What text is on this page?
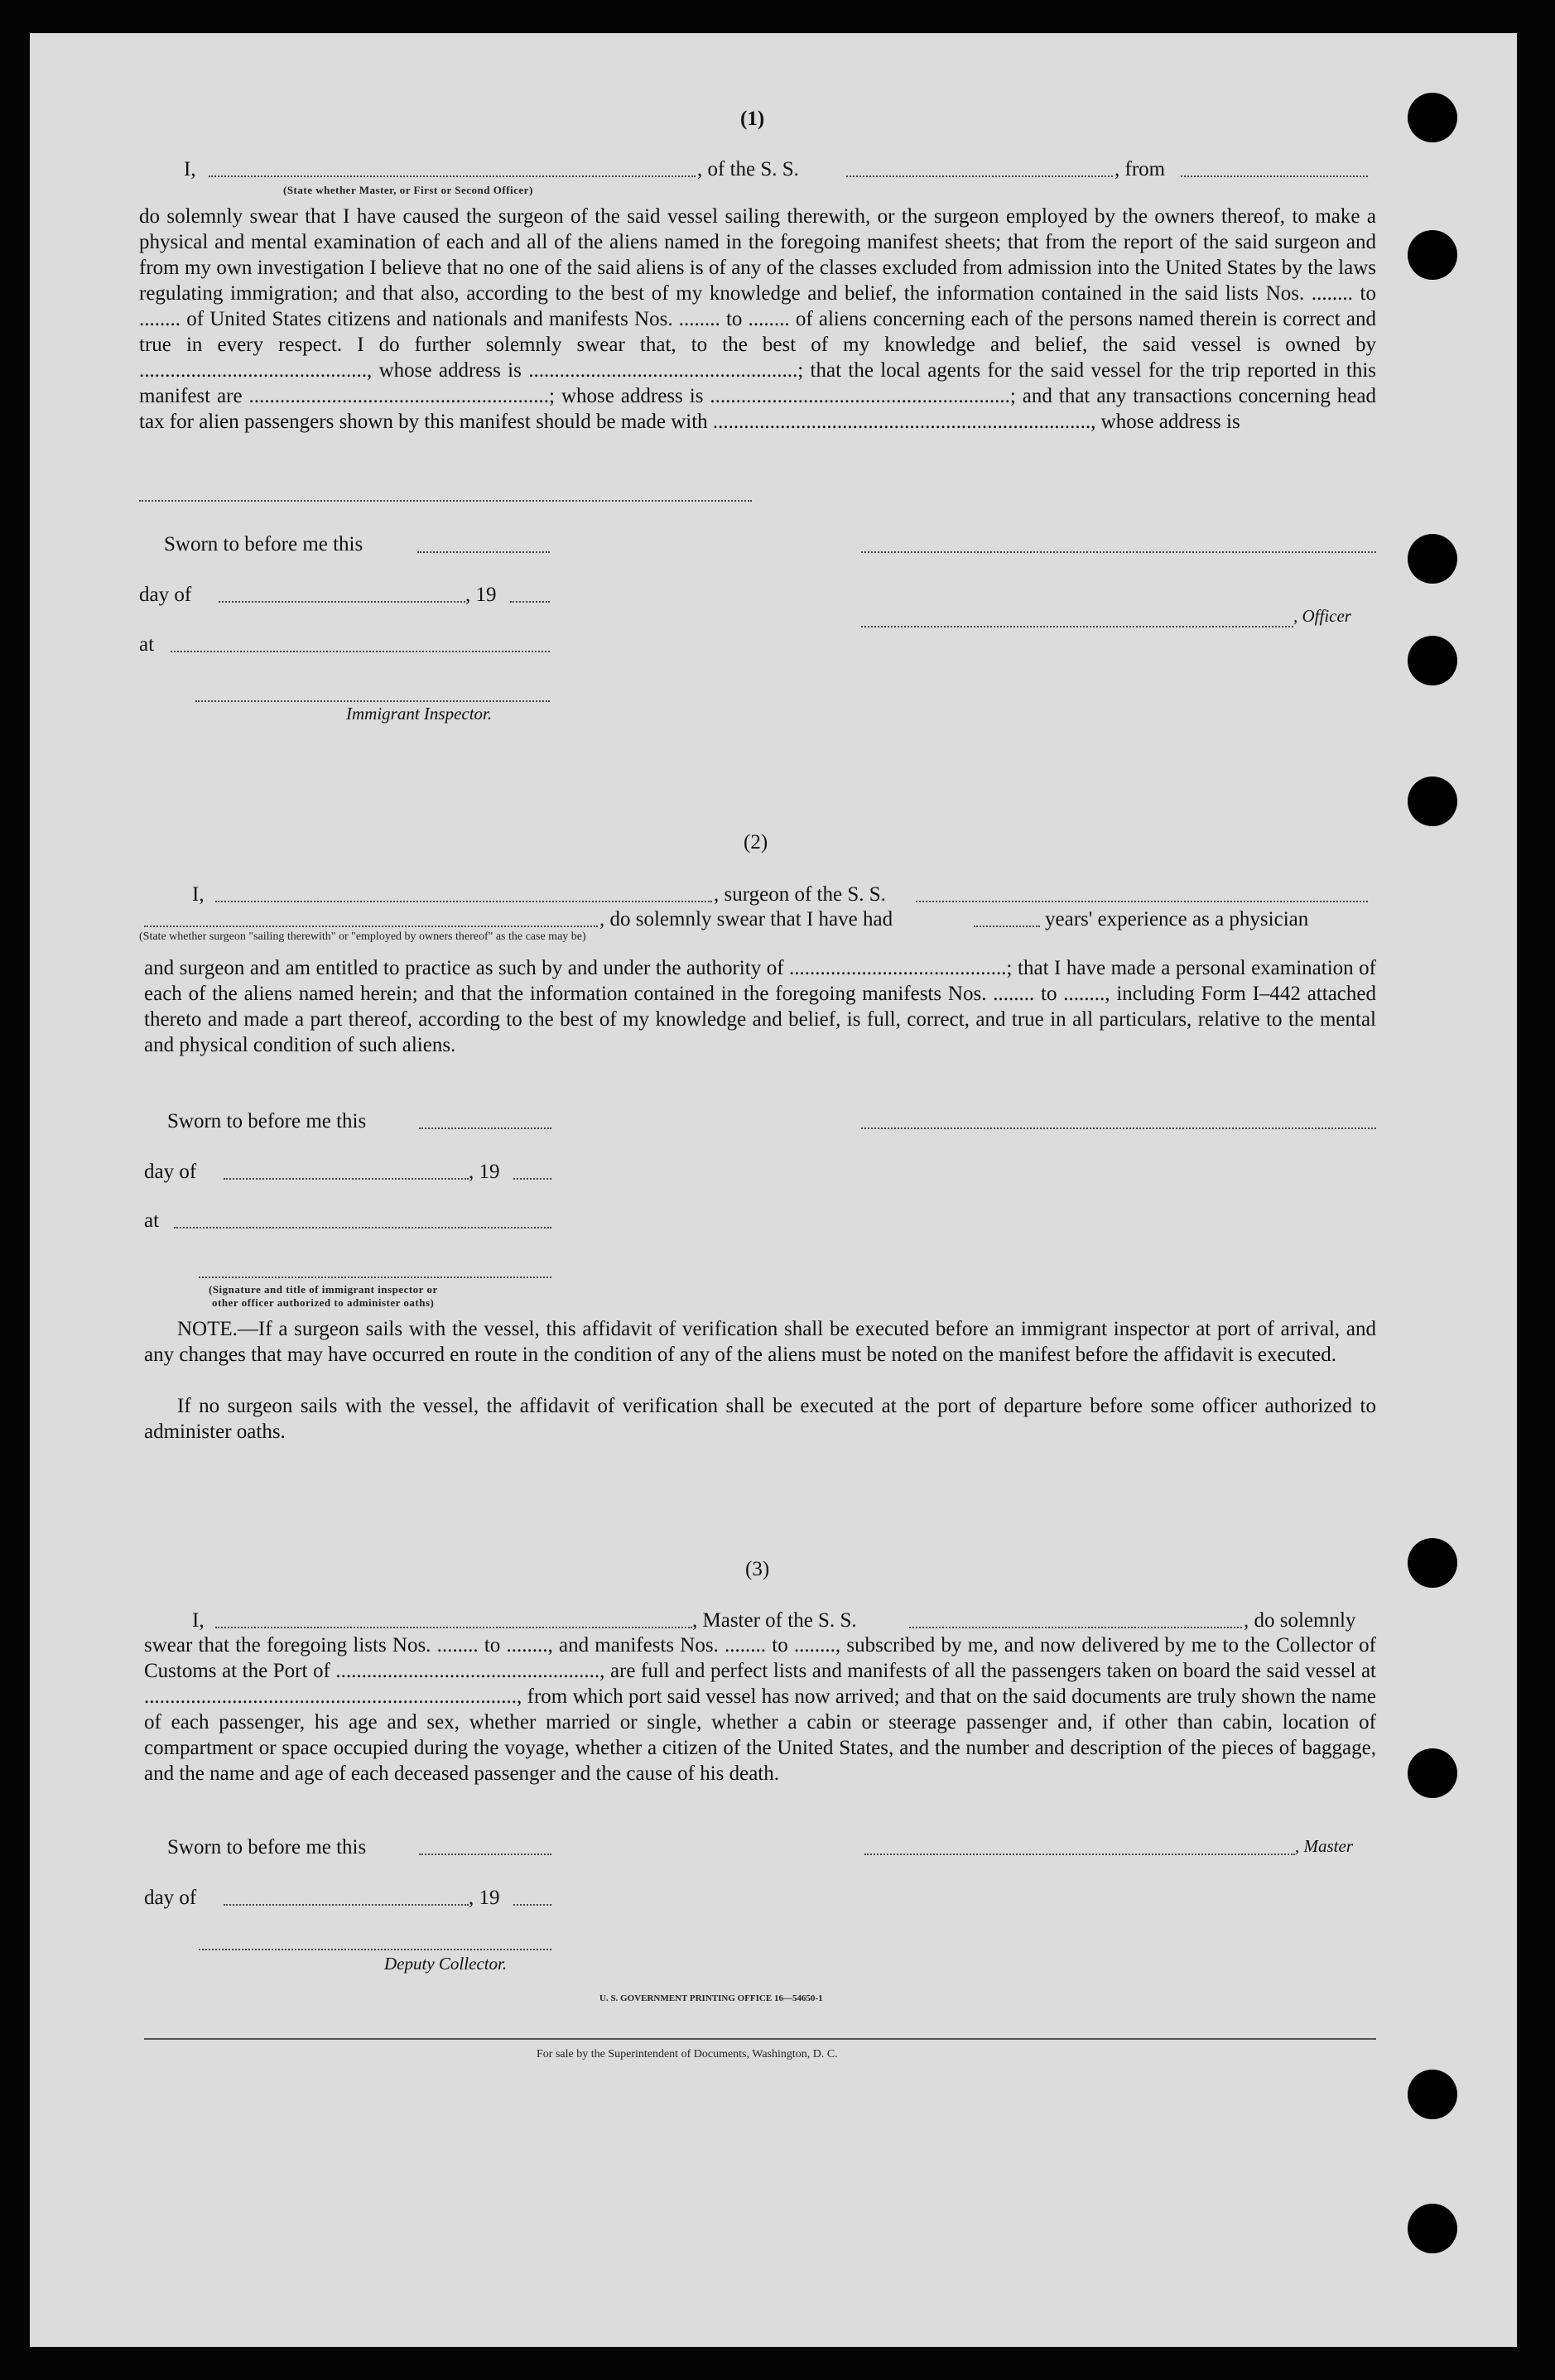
(1)
I,	, of the S. S.	, from
(State whether Master, or First or Second Officer)
do solemnly swear that I have caused the surgeon of the said vessel sailing therewith, or the surgeon employed by the owners thereof, to make a physical and mental examination of each and all of the aliens named in the foregoing manifest sheets; that from the report of the said surgeon and from my own investigation I believe that no one of the said aliens is of any of the classes excluded from admission into the United States by the laws regulating immigration; and that also, according to the best of my knowledge and belief, the information contained in the said lists Nos. ........ to ........ of United States citizens and nationals and manifests Nos. ........ to ........ of aliens concerning each of the persons named therein is correct and true in every respect. I do further solemnly swear that, to the best of my knowledge and belief, the said vessel is owned by ............................................, whose address is ....................................................; that the local agents for the said vessel for the trip reported in this manifest are ..........................................................; whose address is ..........................................................; and that any transactions concerning head tax for alien passengers shown by this manifest should be made with ........................................................................., whose address is
Sworn to before me this
day of	, 19
, Officer
at
Immigrant Inspector.
(2)
I,	, surgeon of the S. S.
, do solemnly swear that I have had	years' experience as a physician
(State whether surgeon "sailing therewith" or "employed by owners thereof" as the case may be)
and surgeon and am entitled to practice as such by and under the authority of ..........................................; that I have made a personal examination of each of the aliens named herein; and that the information contained in the foregoing manifests Nos. ........ to ........, including Form I–442 attached thereto and made a part thereof, according to the best of my knowledge and belief, is full, correct, and true in all particulars, relative to the mental and physical condition of such aliens.
Sworn to before me this
day of	, 19
at
(Signature and title of immigrant inspector or
other officer authorized to administer oaths)

NOTE.—If a surgeon sails with the vessel, this affidavit of verification shall be executed before an immigrant inspector at port of arrival, and any changes that may have occurred en route in the condition of any of the aliens must be noted on the manifest before the affidavit is executed.

If no surgeon sails with the vessel, the affidavit of verification shall be executed at the port of departure before some officer authorized to administer oaths.

(3)
I,	, Master of the S. S.	, do solemnly
swear that the foregoing lists Nos. ........ to ........, and manifests Nos. ........ to ........, subscribed by me, and now delivered by me to the Collector of Customs at the Port of ..................................................., are full and perfect lists and manifests of all the passengers taken on board the said vessel at ........................................................................, from which port said vessel has now arrived; and that on the said documents are truly shown the name of each passenger, his age and sex, whether married or single, whether a cabin or steerage passenger and, if other than cabin, location of compartment or space occupied during the voyage, whether a citizen of the United States, and the number and description of the pieces of baggage, and the name and age of each deceased passenger and the cause of his death.
Sworn to before me this	, Master
day of	, 19
Deputy Collector.
U. S. GOVERNMENT PRINTING OFFICE 16—54650-1
For sale by the Superintendent of Documents, Washington, D. C.
